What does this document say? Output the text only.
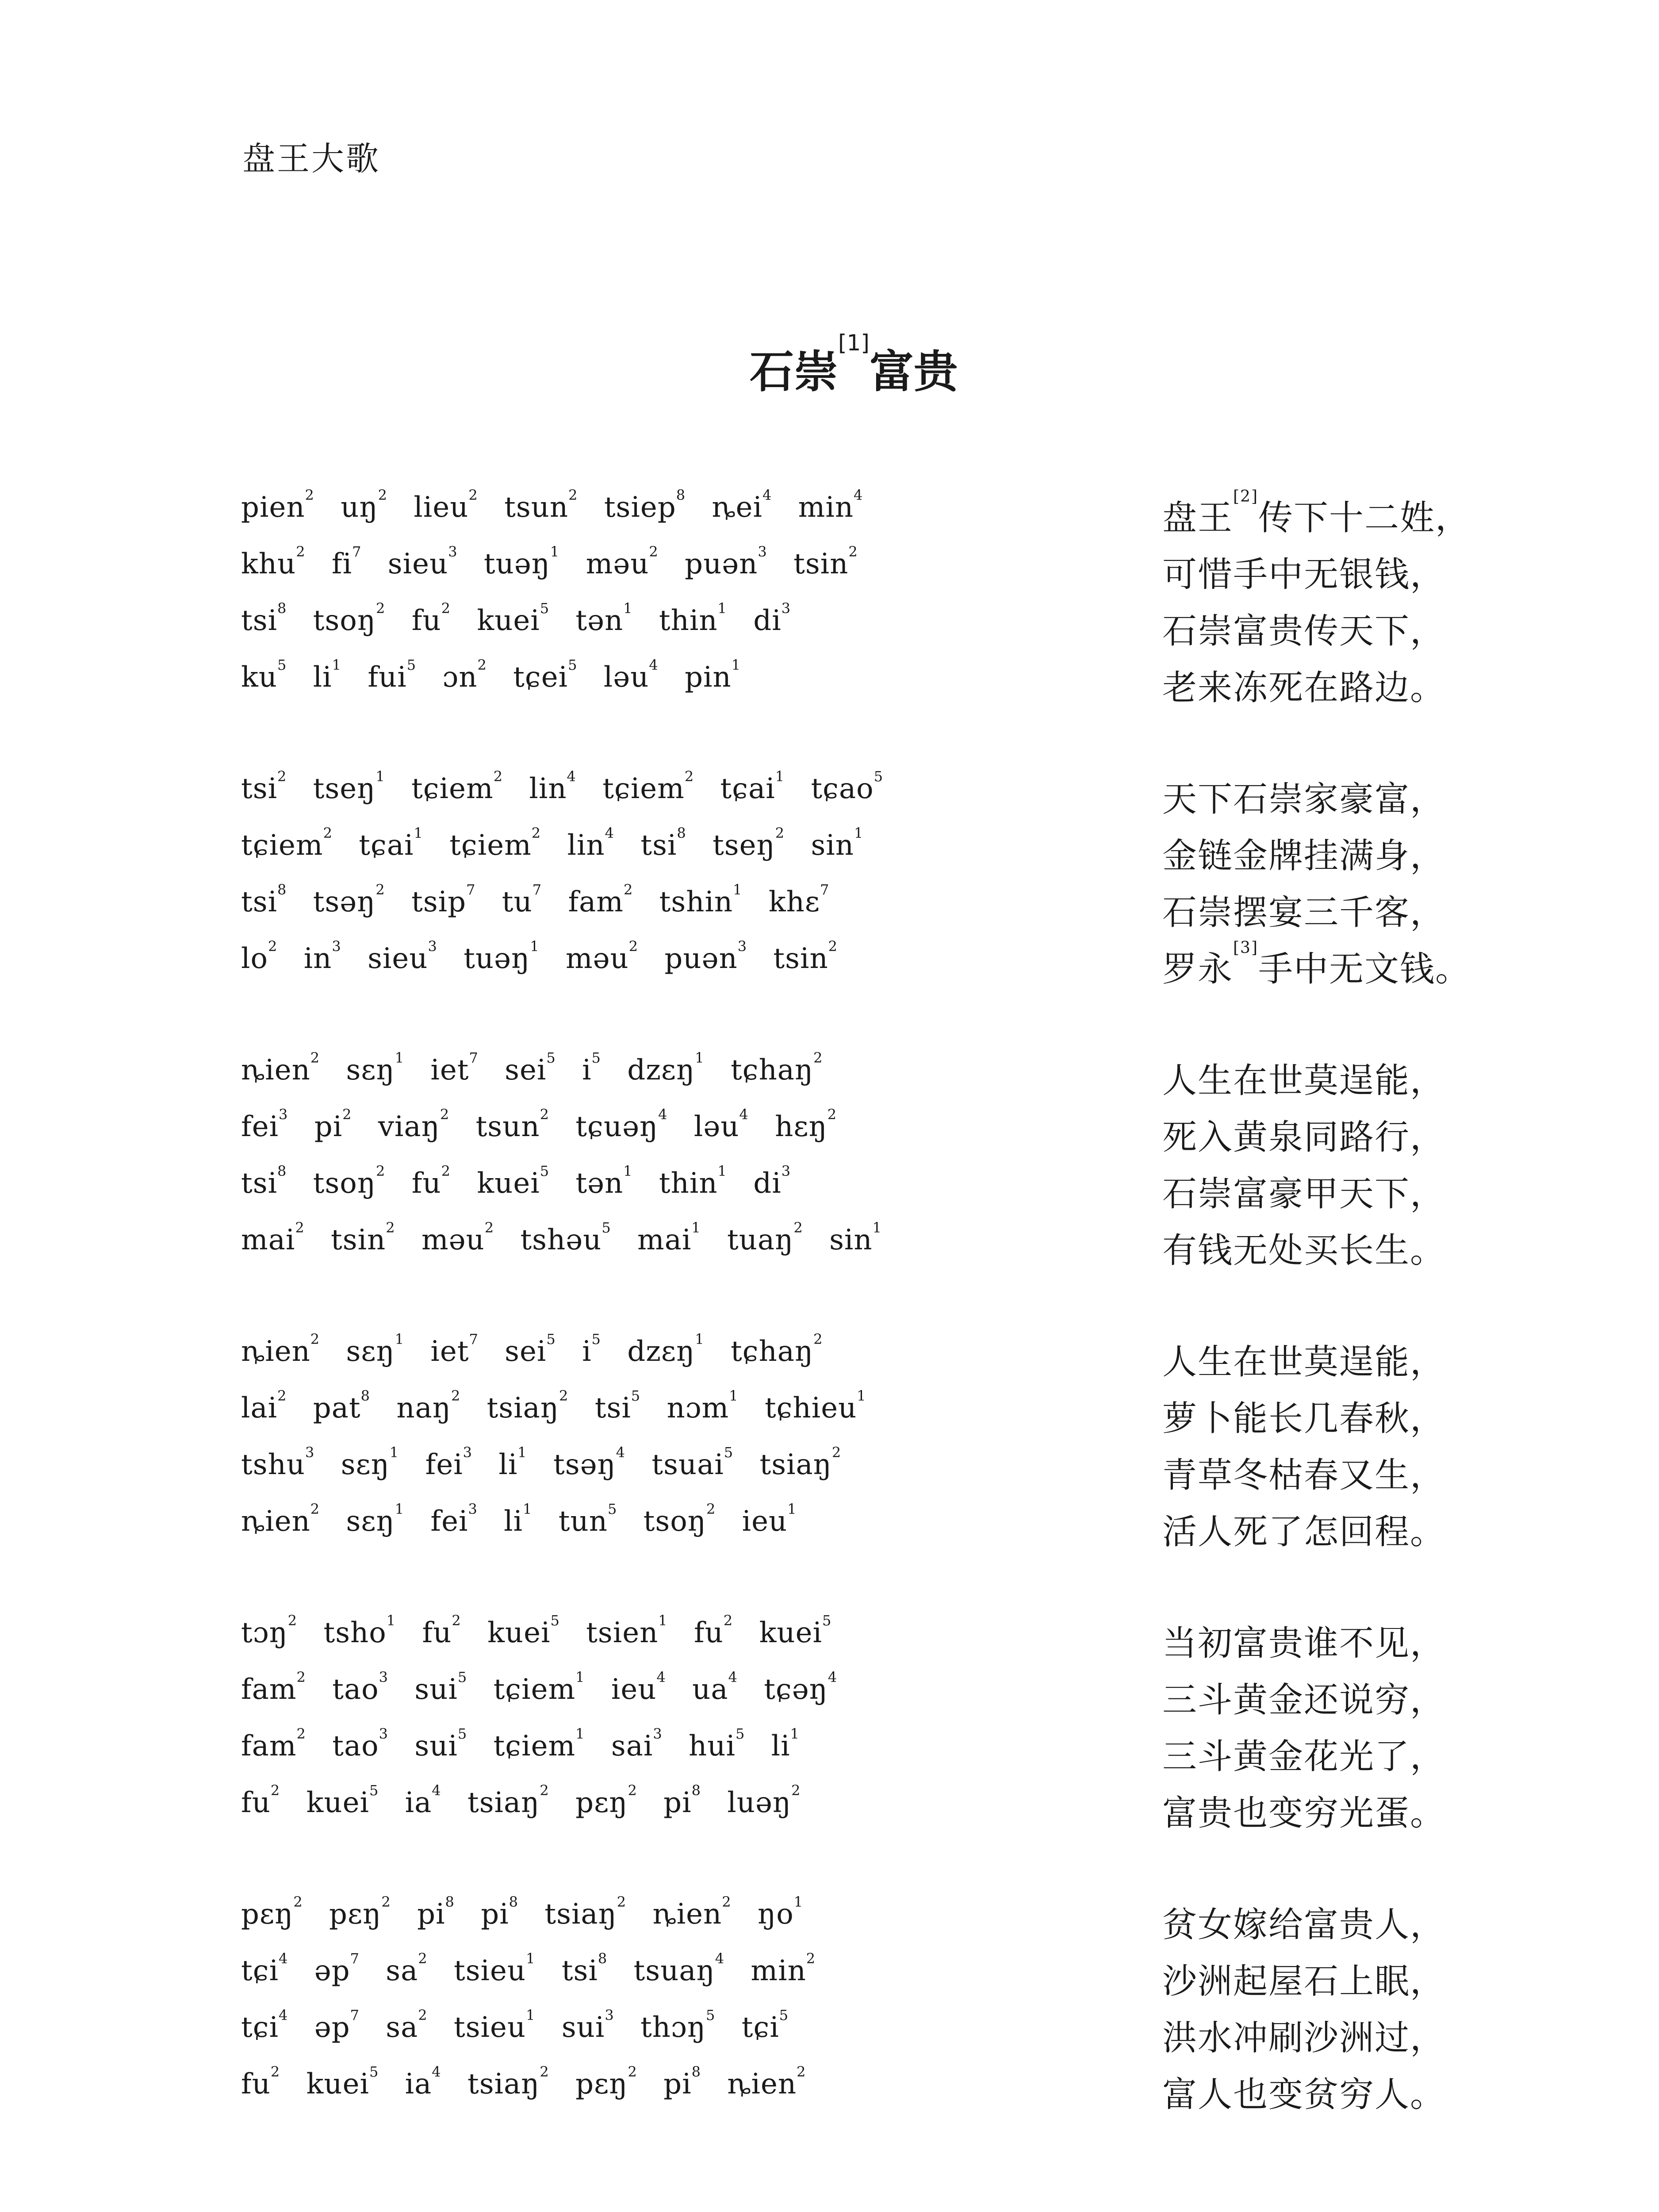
盘王大歌
石崇[1]富贵
pien$^2$ $uŋ^2$ lieu$^2$ tsun$^2$ tsiep$^8$ ȵei$^4$ $\min^4$
盘王[2]传下十二姓，
khu$^2$ $fi^7$ sieu$^3$ tuəŋ$^1$ məu$^2$ puən$^3$ tsin$^2$
可惜手中无银钱，
tsi$^8$ tsoŋ$^2$ $fu^2$ kuei$^5$ tən$^1$ thin$^1$ $di^3$
石崇富贵传天下，
$ku^5$ $li^1$ fui$^5$ ɔn$^2$ tɕei$^5$ ləu$^4$ pin$^1$
老来冻死在路边。
tsi$^2$ tseŋ$^1$ tɕiem$^2$ lin$^4$ tɕiem$^2$ tɕai$^1$ tɕao$^5$
天下石崇家豪富，
tɕiem$^2$ tɕai$^1$ tɕiem$^2$ lin$^4$ tsi$^8$ tseŋ$^2$ $\sin^1$
金链金牌挂满身，
tsi$^8$ tsəŋ$^2$ tsip$^7$ $tu^7$ fam$^2$ tshin$^1$ khɛ$^7$
石崇摆宴三千客，
$lo^2$ $in^3$ sieu$^3$ tuəŋ$^1$ məu$^2$ puən$^3$ tsin$^2$
罗永[3]手中无文钱。
ȵien$^2$ sɛŋ$^1$ iet$^7$ sei$^5$ $i^5$ dzɛŋ$^1$ tɕhaŋ$^2$
人生在世莫逞能，
fei$^3$ $pi^2$ viaŋ$^2$ tsun$^2$ tɕuəŋ$^4$ ləu$^4$ hɛŋ$^2$
死入黄泉同路行，
tsi$^8$ tsoŋ$^2$ $fu^2$ kuei$^5$ tən$^1$ thin$^1$ $di^3$
石崇富豪甲天下，
mai$^2$ tsin$^2$ məu$^2$ tshəu$^5$ mai$^1$ tuaŋ$^2$ $\sin^1$
有钱无处买长生。
ȵien$^2$ sɛŋ$^1$ iet$^7$ sei$^5$ $i^5$ dzɛŋ$^1$ tɕhaŋ$^2$
人生在世莫逞能，
lai$^2$ pat$^8$ naŋ$^2$ tsiaŋ$^2$ tsi$^5$ nɔm$^1$ tɕhieu$^1$
萝卜能长几春秋，
tshu$^3$ sɛŋ$^1$ fei$^3$ $li^1$ tsəŋ$^4$ tsuai$^5$ tsiaŋ$^2$
青草冬枯春又生，
ȵien$^2$ sɛŋ$^1$ fei$^3$ $li^1$ tun$^5$ tsoŋ$^2$ ieu$^1$
活人死了怎回程。
tɔŋ$^2$ tsho$^1$ $fu^2$ kuei$^5$ tsien$^1$ $fu^2$ kuei$^5$
当初富贵谁不见，
fam$^2$ tao$^3$ sui$^5$ tɕiem$^1$ ieu$^4$ $ua^4$ tɕəŋ$^4$
三斗黄金还说穷，
fam$^2$ tao$^3$ sui$^5$ tɕiem$^1$ sai$^3$ hui$^5$ $li^1$
三斗黄金花光了，
$fu^2$ kuei$^5$ $ia^4$ tsiaŋ$^2$ pɛŋ$^2$ $pi^8$ luəŋ$^2$
富贵也变穷光蛋。
pɛŋ$^2$ pɛŋ$^2$ $pi^8$ $pi^8$ tsiaŋ$^2$ ȵien$^2$ $ŋo^1$
贫女嫁给富贵人，
tɕi$^4$ əp$^7$ $sa^2$ tsieu$^1$ tsi$^8$ tsuaŋ$^4$ $\min^2$
沙洲起屋石上眠，
tɕi$^4$ əp$^7$ $sa^2$ tsieu$^1$ sui$^3$ thɔŋ$^5$ tɕi$^5$
洪水冲刷沙洲过，
$fu^2$ kuei$^5$ $ia^4$ tsiaŋ$^2$ pɛŋ$^2$ $pi^8$ ȵien$^2$
富人也变贫穷人。
